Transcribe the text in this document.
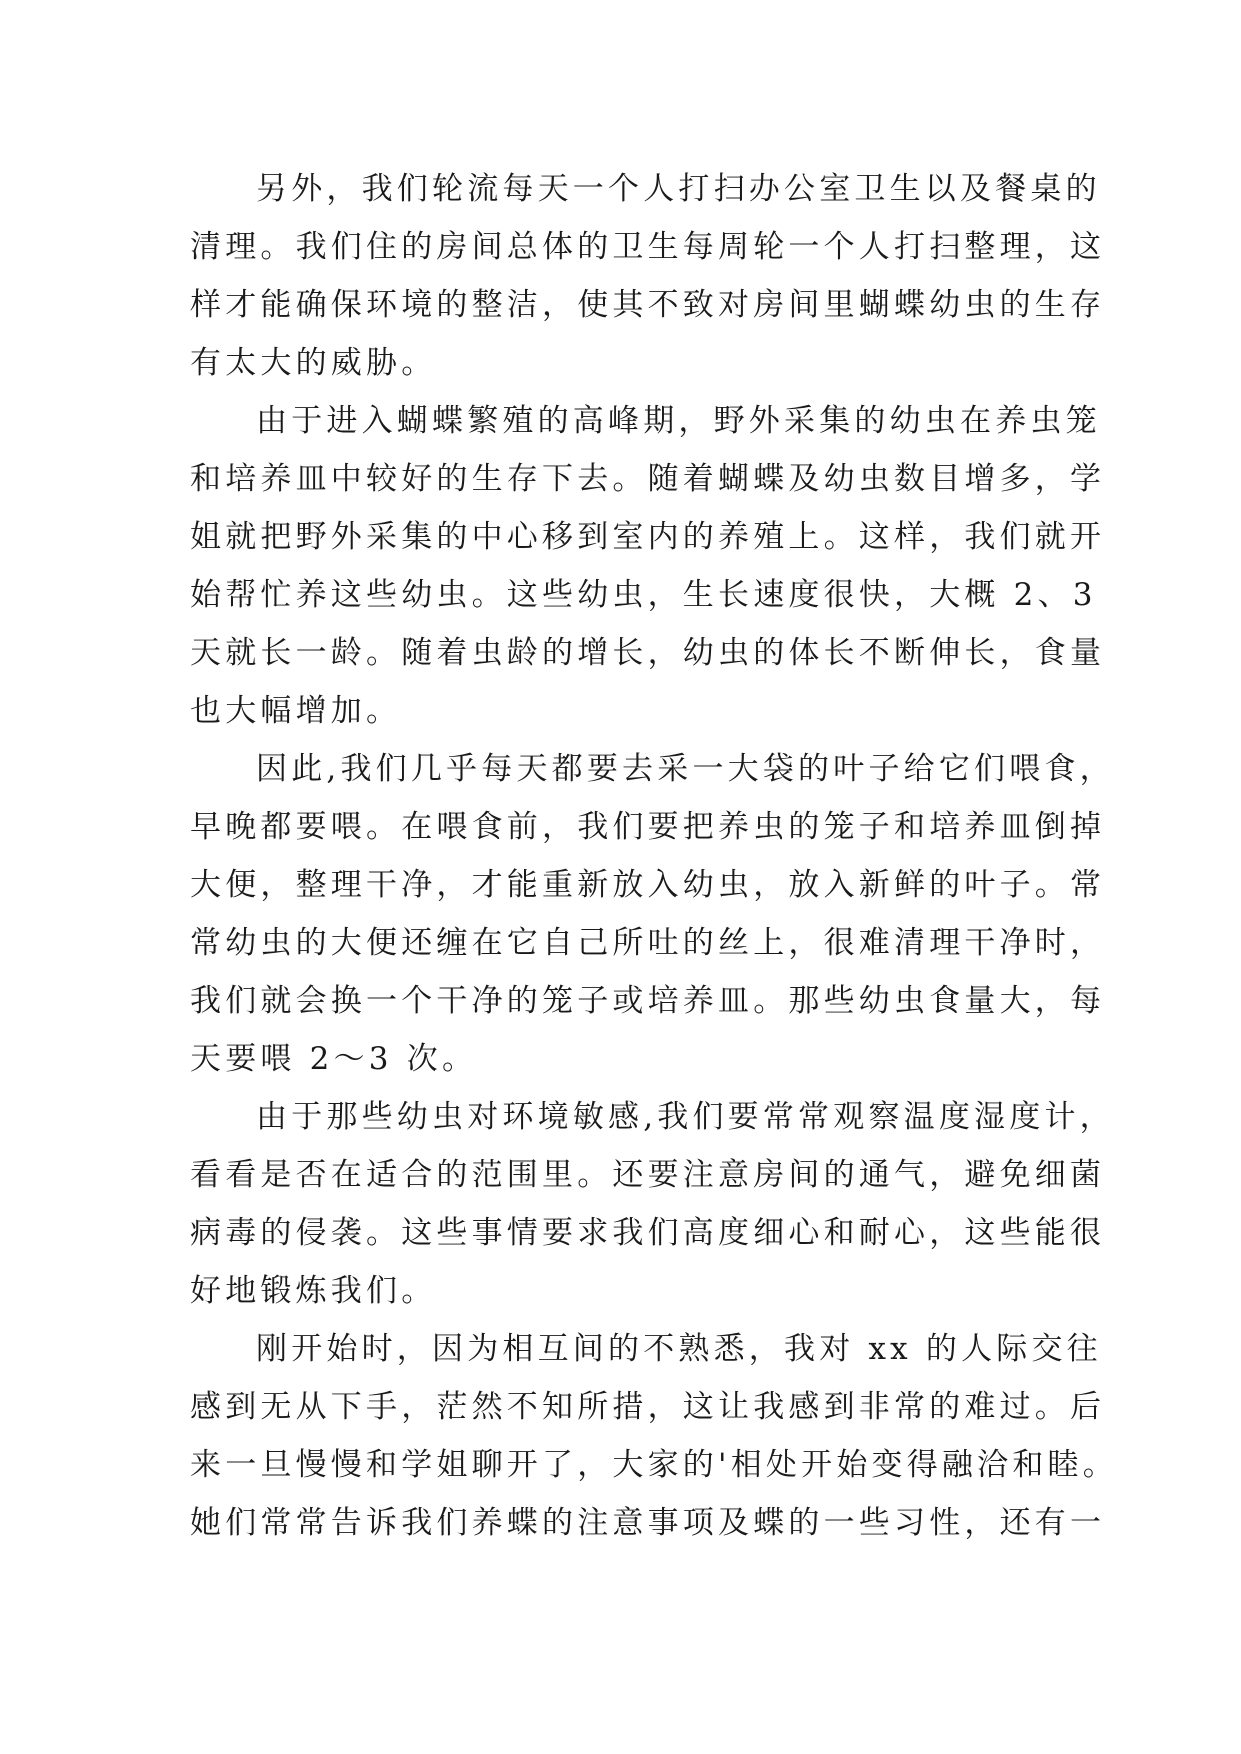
另外，我们轮流每天一个人打扫办公室卫生以及餐桌的
清理。我们住的房间总体的卫生每周轮一个人打扫整理，这
样才能确保环境的整洁，使其不致对房间里蝴蝶幼虫的生存
有太大的威胁。
由于进入蝴蝶繁殖的高峰期，野外采集的幼虫在养虫笼
和培养皿中较好的生存下去。随着蝴蝶及幼虫数目增多，学
姐就把野外采集的中心移到室内的养殖上。这样，我们就开
始帮忙养这些幼虫。这些幼虫，生长速度很快，大概 2、3
天就长一龄。随着虫龄的增长，幼虫的体长不断伸长，食量
也大幅增加。
因此,我们几乎每天都要去采一大袋的叶子给它们喂食，
早晚都要喂。在喂食前，我们要把养虫的笼子和培养皿倒掉
大便，整理干净，才能重新放入幼虫，放入新鲜的叶子。常
常幼虫的大便还缠在它自己所吐的丝上，很难清理干净时，
我们就会换一个干净的笼子或培养皿。那些幼虫食量大，每
天要喂 2～3 次。
由于那些幼虫对环境敏感,我们要常常观察温度湿度计，
看看是否在适合的范围里。还要注意房间的通气，避免细菌
病毒的侵袭。这些事情要求我们高度细心和耐心，这些能很
好地锻炼我们。
刚开始时，因为相互间的不熟悉，我对 xx 的人际交往
感到无从下手，茫然不知所措，这让我感到非常的难过。后
来一旦慢慢和学姐聊开了，大家的'相处开始变得融洽和睦。
她们常常告诉我们养蝶的注意事项及蝶的一些习性，还有一
